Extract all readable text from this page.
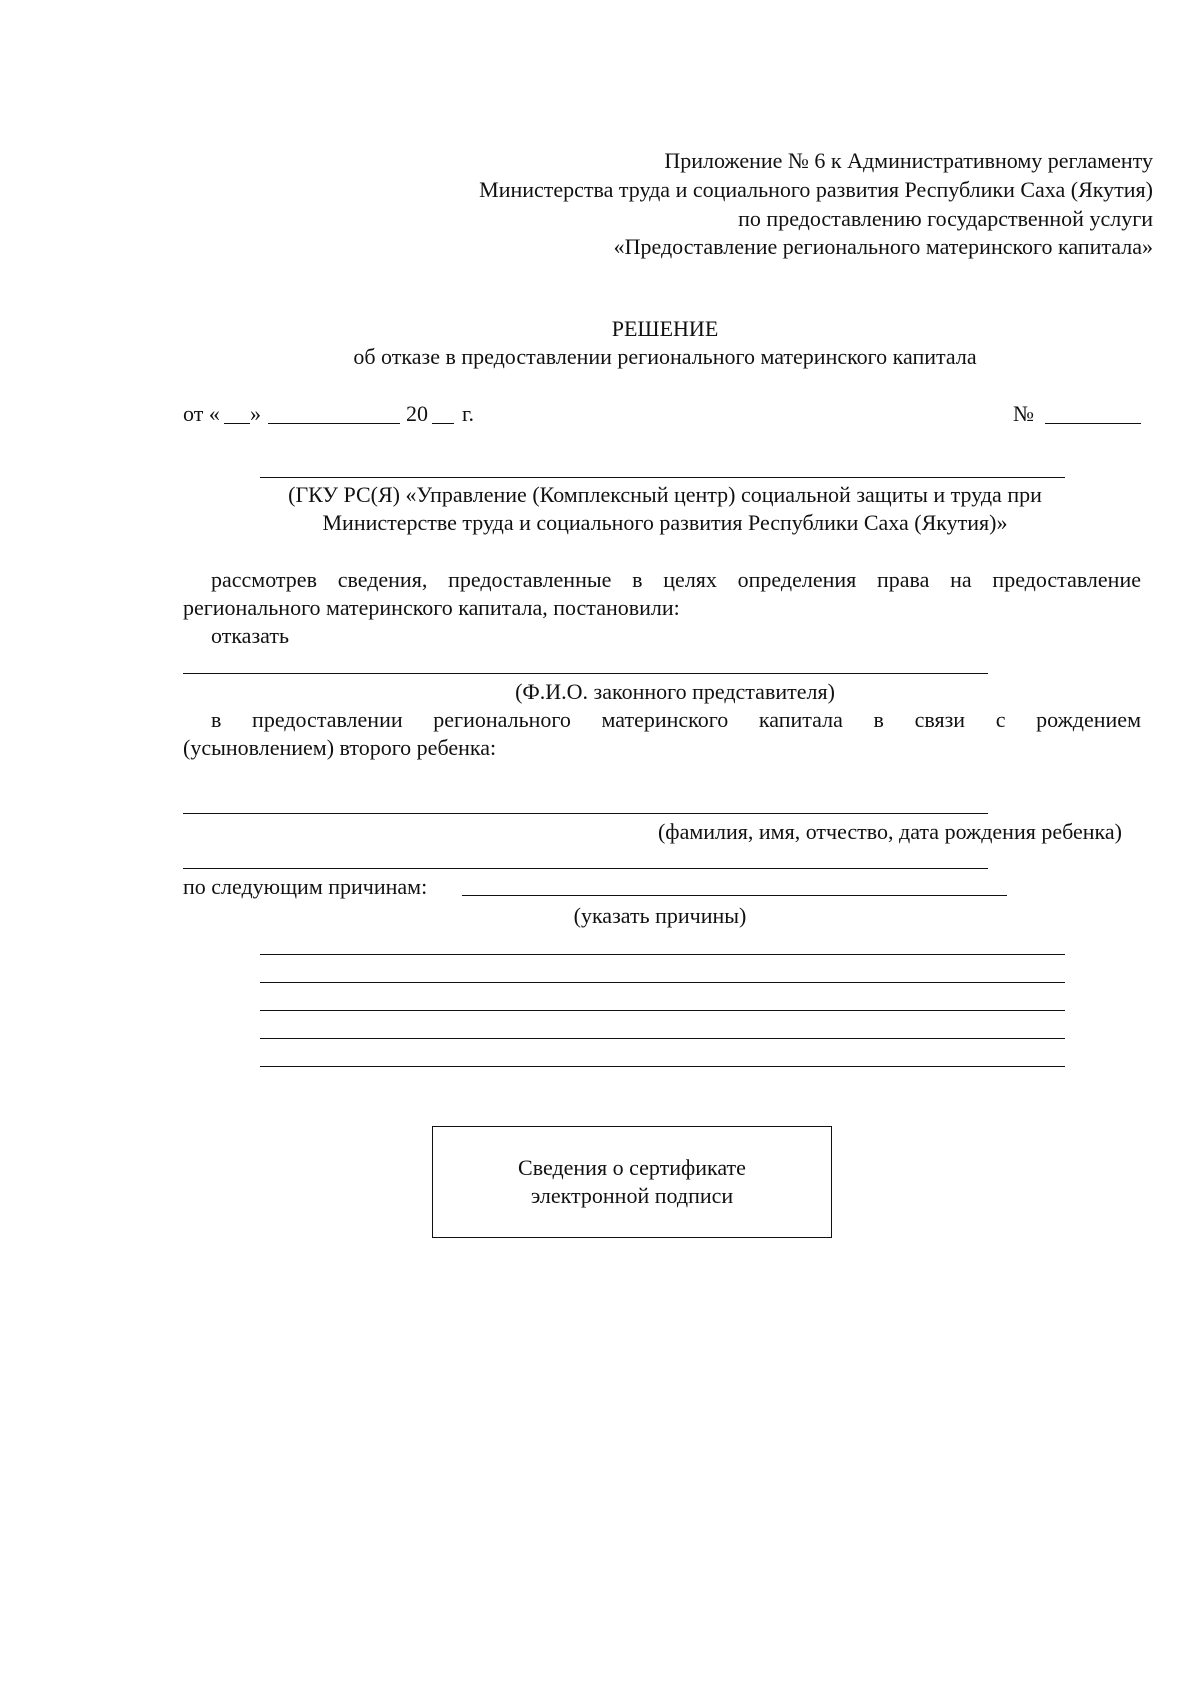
Приложение № 6 к Административному регламенту
Министерства труда и социального развития Республики Саха (Якутия)
по предоставлению государственной услуги
«Предоставление регионального материнского капитала»
РЕШЕНИЕ
об отказе в предоставлении регионального материнского капитала
от « »	20 г.	№
(ГКУ РС(Я) «Управление (Комплексный центр) социальной защиты и труда при
Министерстве труда и социального развития Республики Саха (Якутия)»
рассмотрев сведения, предоставленные в целях определения права на предоставление
регионального материнского капитала, постановили:
отказать
(Ф.И.О. законного представителя)
в предоставлении регионального материнского капитала в связи с рождением
(усыновлением) второго ребенка:
(фамилия, имя, отчество, дата рождения ребенка)
по следующим причинам:
(указать причины)
Сведения о сертификате
электронной подписи
